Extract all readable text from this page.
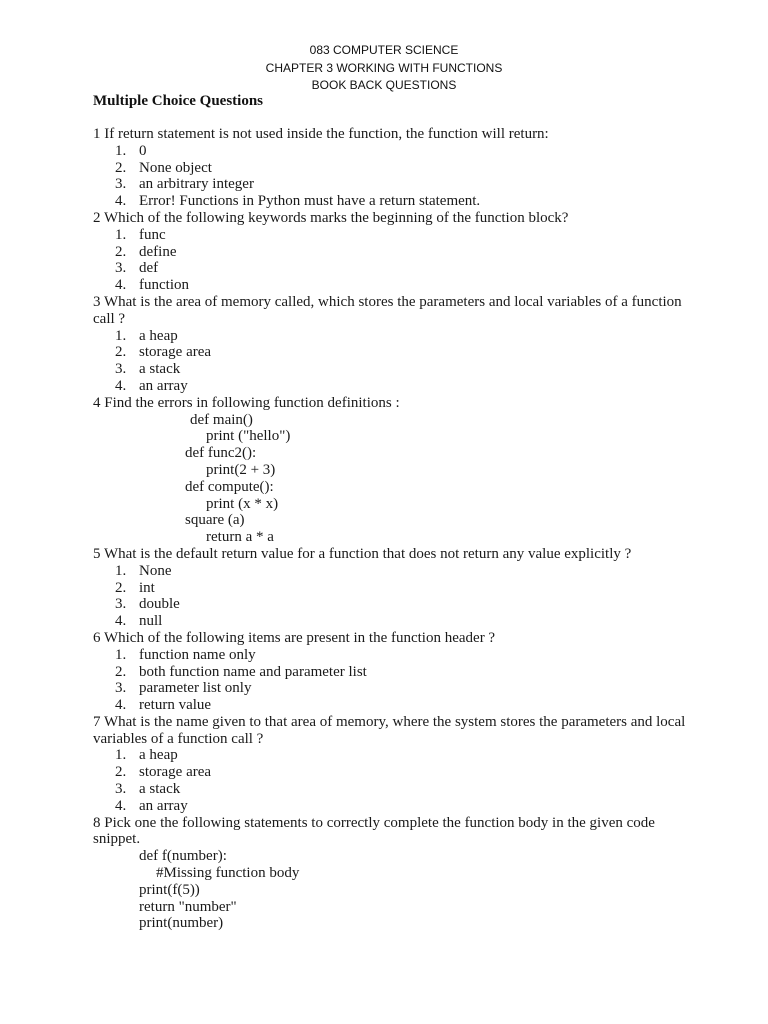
083 COMPUTER SCIENCE
CHAPTER 3 WORKING WITH FUNCTIONS
BOOK BACK QUESTIONS
Multiple Choice Questions

1 If return statement is not used inside the function, the function will return:

1. 0

2. None object

3. an arbitrary integer

4. Error! Functions in Python must have a return statement.

2 Which of the following keywords marks the beginning of the function block?

1. func

2. define

3. def

4. function

3 What is the area of memory called, which stores the parameters and local variables of a function call ?

1. a heap

2. storage area

3. a stack

4. an array

4 Find the errors in following function definitions :

def main()

print ("hello")

def func2():

print(2 + 3)

def compute():

print (x * x)

square (a)

return a * a

5 What is the default return value for a function that does not return any value explicitly ?

1. None

2. int

3. double

4. null

6 Which of the following items are present in the function header ?

1. function name only

2. both function name and parameter list

3. parameter list only

4. return value

7 What is the name given to that area of memory, where the system stores the parameters and local variables of a function call ?

1. a heap

2. storage area

3. a stack

4. an array

8 Pick one the following statements to correctly complete the function body in the given code snippet.

def f(number):

#Missing function body

print(f(5))

return "number"

print(number)
